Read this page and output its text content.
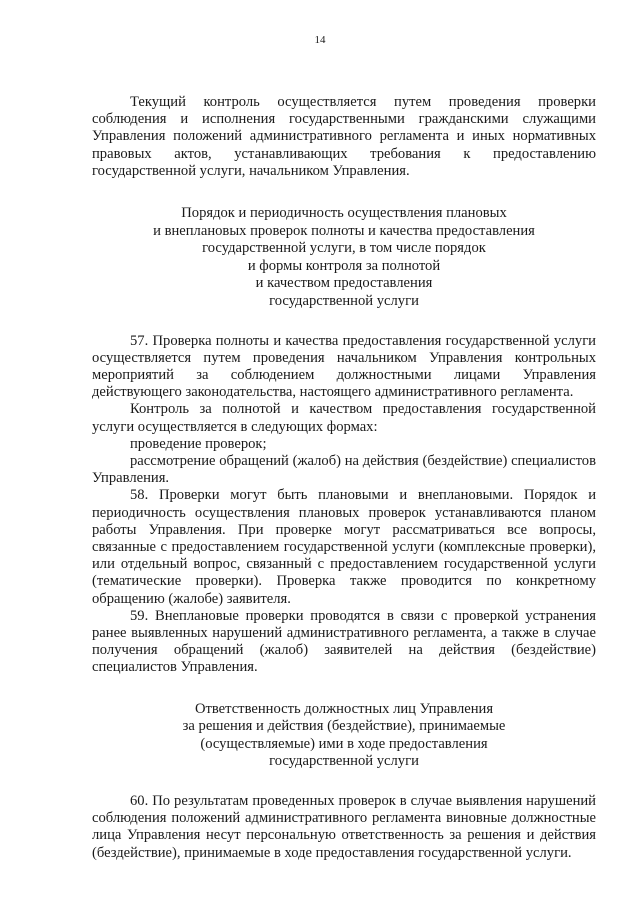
14

Текущий контроль осуществляется путем проведения проверки соблюдения и исполнения государственными гражданскими служащими Управления положений административного регламента и иных нормативных правовых актов, устанавливающих требования к предоставлению государственной услуги, начальником Управления.

Порядок и периодичность осуществления плановых
и внеплановых проверок полноты и качества предоставления
государственной услуги, в том числе порядок
и формы контроля за полнотой
и качеством предоставления
государственной услуги

57. Проверка полноты и качества предоставления государственной услуги осуществляется путем проведения начальником Управления контрольных мероприятий за соблюдением должностными лицами Управления действующего законодательства, настоящего административного регламента.

Контроль за полнотой и качеством предоставления государственной услуги осуществляется в следующих формах:

проведение проверок;

рассмотрение обращений (жалоб) на действия (бездействие) специалистов Управления.

58. Проверки могут быть плановыми и внеплановыми. Порядок и периодичность осуществления плановых проверок устанавливаются планом работы Управления. При проверке могут рассматриваться все вопросы, связанные с предоставлением государственной услуги (комплексные проверки), или отдельный вопрос, связанный с предоставлением государственной услуги (тематические проверки). Проверка также проводится по конкретному обращению (жалобе) заявителя.

59. Внеплановые проверки проводятся в связи с проверкой устранения ранее выявленных нарушений административного регламента, а также в случае получения обращений (жалоб) заявителей на действия (бездействие) специалистов Управления.

Ответственность должностных лиц Управления
за решения и действия (бездействие), принимаемые
(осуществляемые) ими в ходе предоставления
государственной услуги

60. По результатам проведенных проверок в случае выявления нарушений соблюдения положений административного регламента виновные должностные лица Управления несут персональную ответственность за решения и действия (бездействие), принимаемые в ходе предоставления государственной услуги.
